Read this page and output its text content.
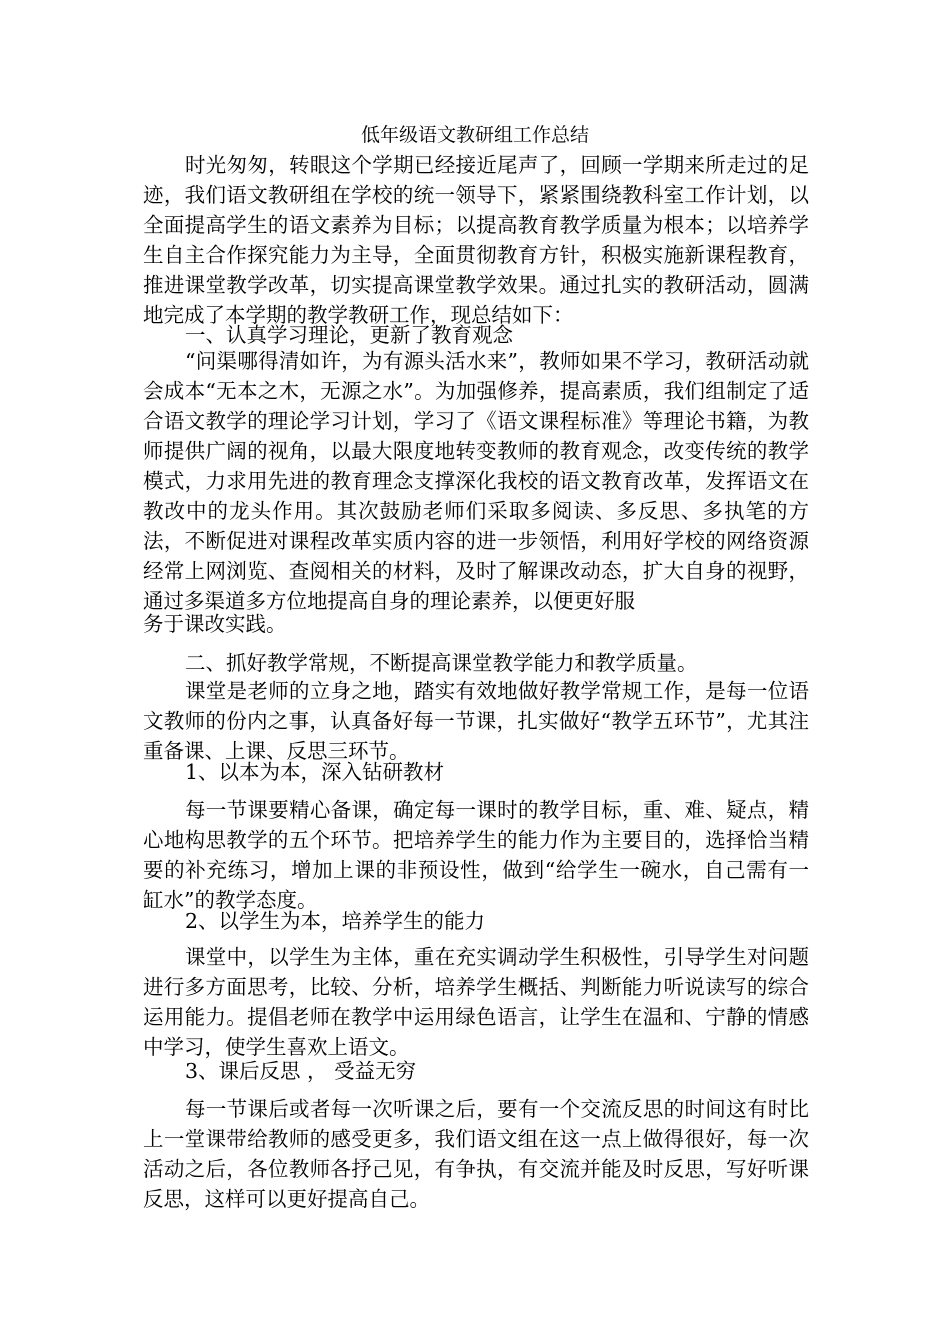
低年级语文教研组工作总结

时光匆匆，转眼这个学期已经接近尾声了，回顾一学期来所走过的足迹，我们语文教研组在学校的统一领导下，紧紧围绕教科室工作计划，以全面提高学生的语文素养为目标；以提高教育教学质量为根本；以培养学生自主合作探究能力为主导，全面贯彻教育方针，积极实施新课程教育，推进课堂教学改革，切实提高课堂教学效果。通过扎实的教研活动，圆满地完成了本学期的教学教研工作，现总结如下：

一、认真学习理论，更新了教育观念

“问渠哪得清如许，为有源头活水来”，教师如果不学习，教研活动就会成本“无本之木，无源之水”。为加强修养，提高素质，我们组制定了适合语文教学的理论学习计划，学习了《语文课程标准》等理论书籍，为教师提供广阔的视角，以最大限度地转变教师的教育观念，改变传统的教学模式，力求用先进的教育理念支撑深化我校的语文教育改革，发挥语文在教改中的龙头作用。其次鼓励老师们采取多阅读、多反思、多执笔的方法，不断促进对课程改革实质内容的进一步领悟，利用好学校的网络资源经常上网浏览、查阅相关的材料，及时了解课改动态，扩大自身的视野，通过多渠道多方位地提高自身的理论素养，以便更好服

务于课改实践。

二、抓好教学常规，不断提高课堂教学能力和教学质量。

课堂是老师的立身之地，踏实有效地做好教学常规工作，是每一位语文教师的份内之事，认真备好每一节课，扎实做好“教学五环节”，尤其注重备课、上课、反思三环节。

1、以本为本，深入钻研教材

每一节课要精心备课，确定每一课时的教学目标，重、难、疑点，精心地构思教学的五个环节。把培养学生的能力作为主要目的，选择恰当精要的补充练习，增加上课的非预设性，做到“给学生一碗水，自己需有一缸水”的教学态度。

2、以学生为本，培养学生的能力

课堂中，以学生为主体，重在充实调动学生积极性，引导学生对问题进行多方面思考，比较、分析，培养学生概括、判断能力听说读写的综合运用能力。提倡老师在教学中运用绿色语言，让学生在温和、宁静的情感中学习，使学生喜欢上语文。

3、课后反思 ， 受益无穷

每一节课后或者每一次听课之后，要有一个交流反思的时间这有时比上一堂课带给教师的感受更多，我们语文组在这一点上做得很好，每一次活动之后，各位教师各抒己见，有争执，有交流并能及时反思，写好听课反思，这样可以更好提高自己。
